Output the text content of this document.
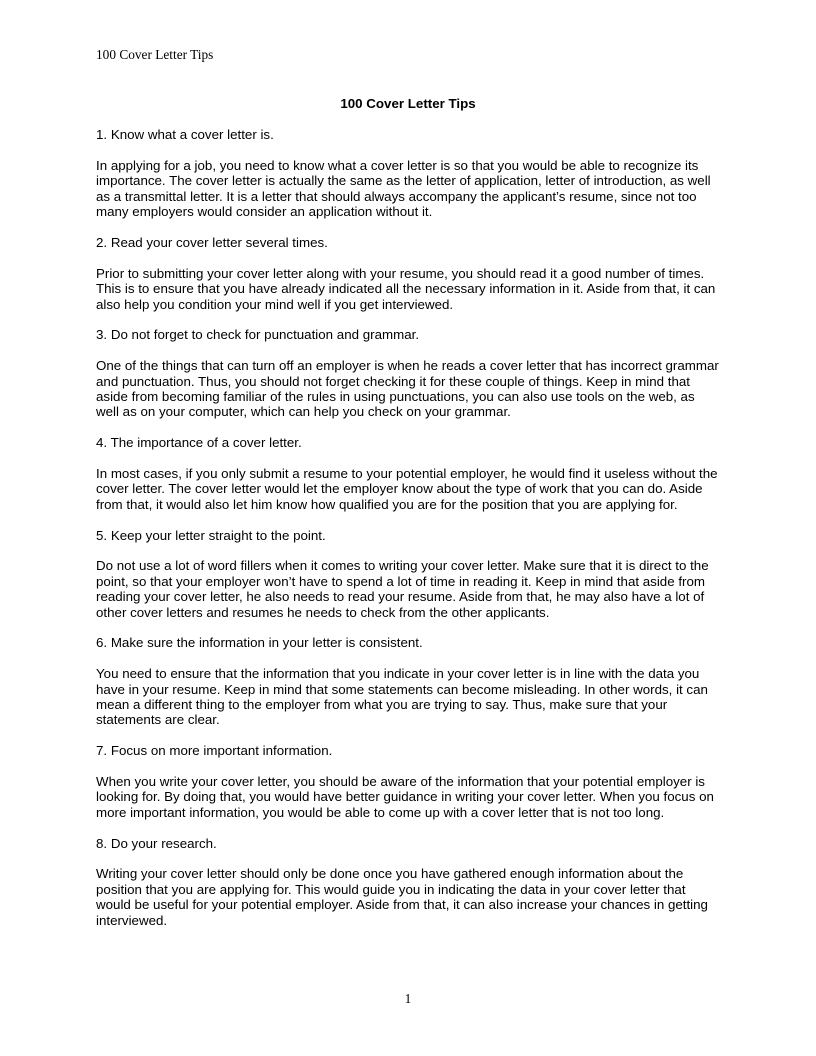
100 Cover Letter Tips
100 Cover Letter Tips

1. Know what a cover letter is.

In applying for a job, you need to know what a cover letter is so that you would be able to recognize its importance. The cover letter is actually the same as the letter of application, letter of introduction, as well as a transmittal letter. It is a letter that should always accompany the applicant’s resume, since not too many employers would consider an application without it.

2. Read your cover letter several times.

Prior to submitting your cover letter along with your resume, you should read it a good number of times. This is to ensure that you have already indicated all the necessary information in it. Aside from that, it can also help you condition your mind well if you get interviewed.

3. Do not forget to check for punctuation and grammar.

One of the things that can turn off an employer is when he reads a cover letter that has incorrect grammar and punctuation. Thus, you should not forget checking it for these couple of things. Keep in mind that aside from becoming familiar of the rules in using punctuations, you can also use tools on the web, as well as on your computer, which can help you check on your grammar.

4. The importance of a cover letter.

In most cases, if you only submit a resume to your potential employer, he would find it useless without the cover letter. The cover letter would let the employer know about the type of work that you can do. Aside from that, it would also let him know how qualified you are for the position that you are applying for.

5. Keep your letter straight to the point.

Do not use a lot of word fillers when it comes to writing your cover letter. Make sure that it is direct to the point, so that your employer won’t have to spend a lot of time in reading it. Keep in mind that aside from reading your cover letter, he also needs to read your resume. Aside from that, he may also have a lot of other cover letters and resumes he needs to check from the other applicants.

6. Make sure the information in your letter is consistent.

You need to ensure that the information that you indicate in your cover letter is in line with the data you have in your resume. Keep in mind that some statements can become misleading. In other words, it can mean a different thing to the employer from what you are trying to say. Thus, make sure that your statements are clear.

7. Focus on more important information.

When you write your cover letter, you should be aware of the information that your potential employer is looking for. By doing that, you would have better guidance in writing your cover letter. When you focus on more important information, you would be able to come up with a cover letter that is not too long.

8. Do your research.

Writing your cover letter should only be done once you have gathered enough information about the position that you are applying for. This would guide you in indicating the data in your cover letter that would be useful for your potential employer. Aside from that, it can also increase your chances in getting interviewed.

1
